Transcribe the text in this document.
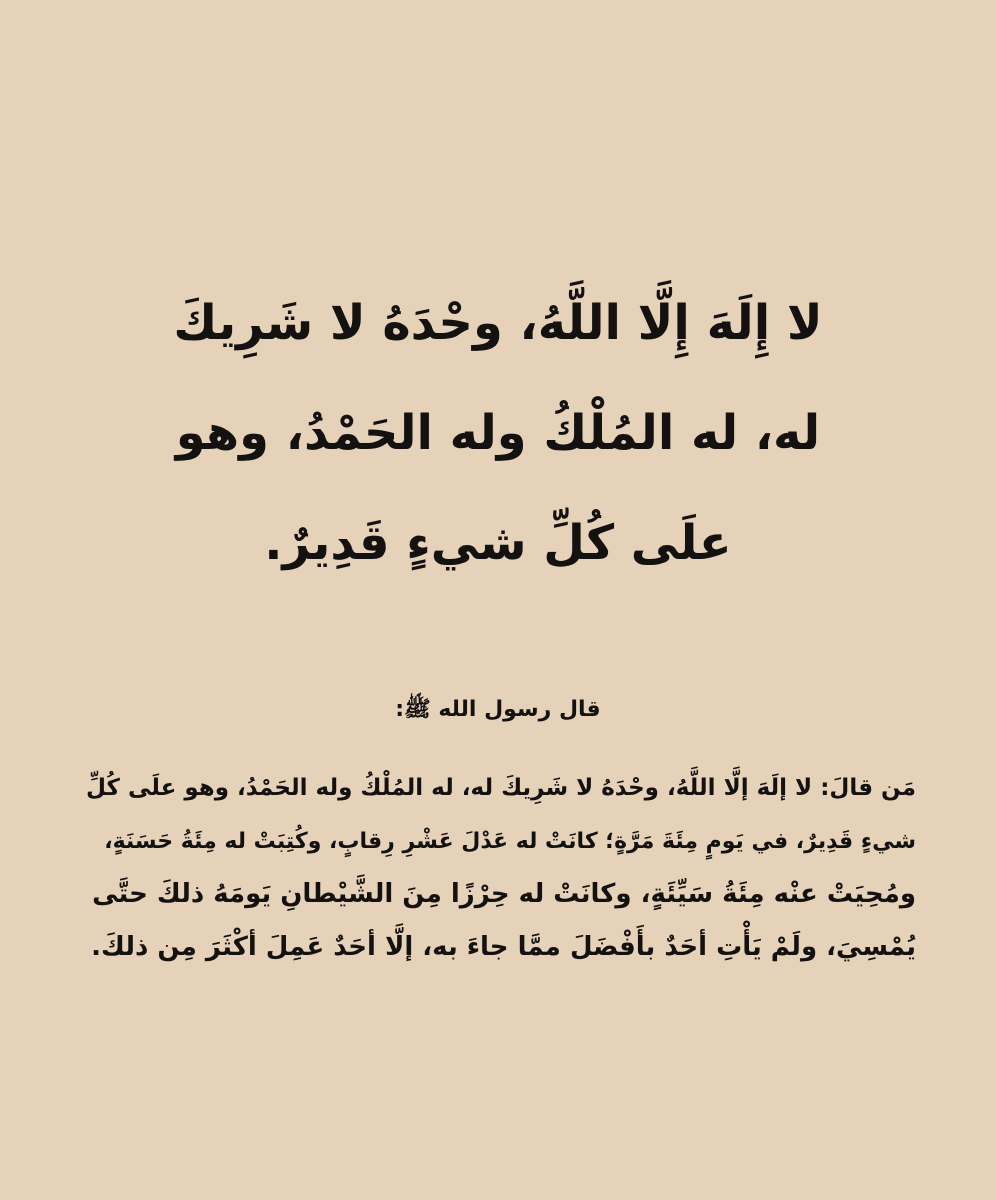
لا إِلَهَ إِلَّا اللَّهُ، وحْدَهُ لا شَرِيكَ
له، له المُلْكُ وله الحَمْدُ، وهو
علَى كُلِّ شيءٍ قَدِيرٌ.
قال رسول الله ﷺ:
مَن قالَ: لا إلَهَ إلَّا اللَّهُ، وحْدَهُ لا شَرِيكَ له، له المُلْكُ وله الحَمْدُ، وهو علَى كُلِّ
شيءٍ قَدِيرٌ، في يَومٍ مِئَةَ مَرَّةٍ؛ كانَتْ له عَدْلَ عَشْرِ رِقابٍ، وكُتِبَتْ له مِئَةُ حَسَنَةٍ،
ومُحِيَتْ عنْه مِئَةُ سَيِّئَةٍ، وكانَتْ له حِرْزًا مِنَ الشَّيْطانِ يَومَهُ ذلكَ حتَّى
يُمْسِيَ، ولَمْ يَأْتِ أحَدٌ بأَفْضَلَ ممَّا جاءَ به، إلَّا أحَدٌ عَمِلَ أكْثَرَ مِن ذلكَ.
